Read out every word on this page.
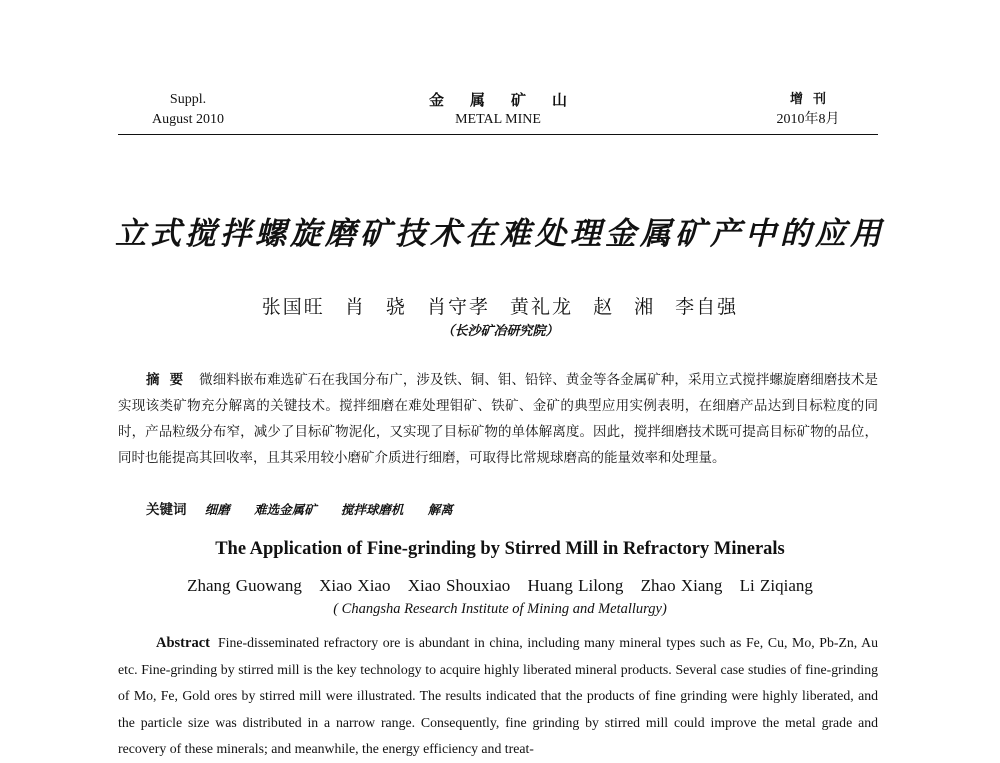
Suppl.
August 2010
金属矿山
METAL MINE
增刊
2010年8月
立式搅拌螺旋磨矿技术在难处理金属矿产中的应用
张国旺 肖 骁 肖守孝 黄礼龙 赵 湘 李自强
（长沙矿冶研究院）
摘要 微细料嵌布难选矿石在我国分布广，涉及铁、铜、钼、铅锌、黄金等各金属矿种，采用立式搅拌螺旋磨细磨技术是实现该类矿物充分解离的关键技术。搅拌细磨在难处理钼矿、铁矿、金矿的典型应用实例表明，在细磨产品达到目标粒度的同时，产品粒级分布窄，减少了目标矿物泥化，又实现了目标矿物的单体解离度。因此，搅拌细磨技术既可提高目标矿物的品位，同时也能提高其回收率，且其采用较小磨矿介质进行细磨，可取得比常规球磨高的能量效率和处理量。
关键词 细磨 难选金属矿 搅拌球磨机 解离
The Application of Fine-grinding by Stirred Mill in Refractory Minerals
Zhang Guowang Xiao Xiao Xiao Shouxiao Huang Lilong Zhao Xiang Li Ziqiang
( Changsha Research Institute of Mining and Metallurgy)
Abstract Fine-disseminated refractory ore is abundant in china, including many mineral types such as Fe, Cu, Mo, Pb-Zn, Au etc. Fine-grinding by stirred mill is the key technology to acquire highly liberated mineral products. Several case studies of fine-grinding of Mo, Fe, Gold ores by stirred mill were illustrated. The results indicated that the products of fine grinding were highly liberated, and the particle size was distributed in a narrow range. Consequently, fine grinding by stirred mill could improve the metal grade and recovery of these minerals; and meanwhile, the energy efficiency and treat-
